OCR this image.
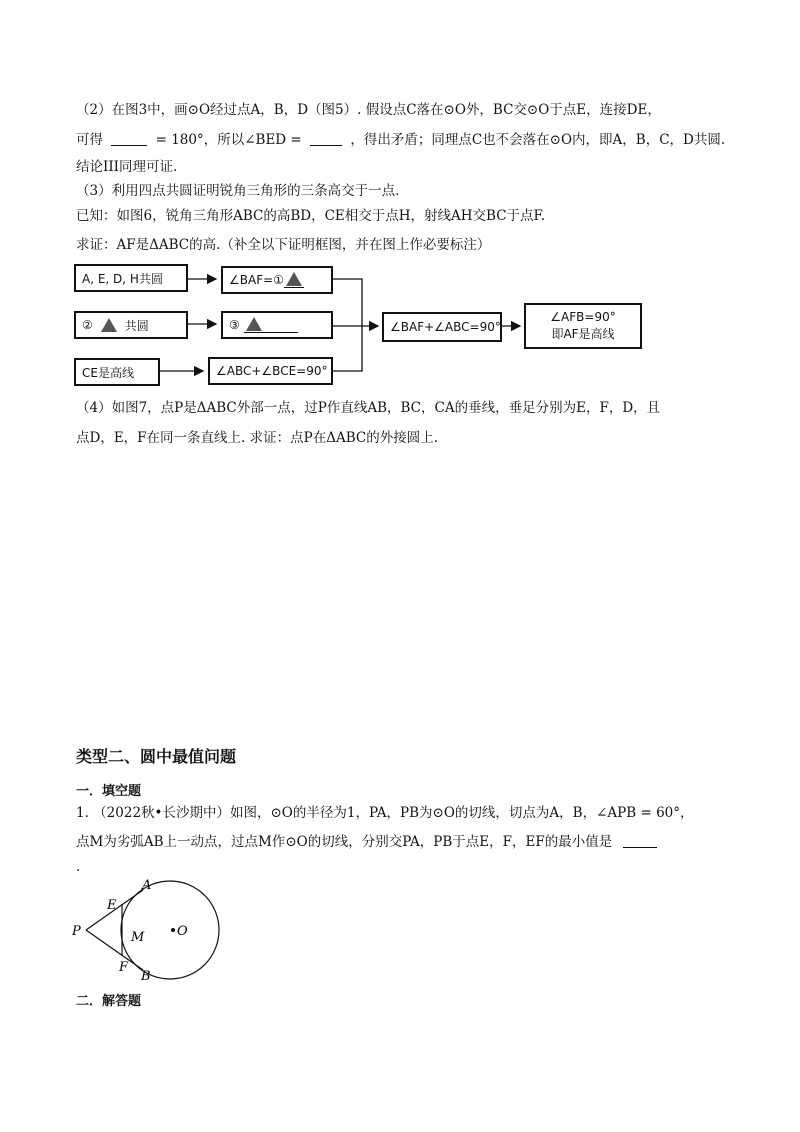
（2）在图3中，画⊙O经过点A，B，D（图5）. 假设点C落在⊙O外，BC交⊙O于点E，连接DE，
可得	= 180°，所以∠BED =	，得出矛盾；同理点C也不会落在⊙O内，即A，B，C，D共圆.
结论III同理可证.
（3）利用四点共圆证明锐角三角形的三条高交于一点.
已知：如图6，锐角三角形ABC的高BD，CE相交于点H，射线AH交BC于点F.
求证：AF是ΔABC的高.（补全以下证明框图，并在图上作必要标注）
A, E, D, H共圆	∠BAF=①
②	共圆	③	∠BAF+∠ABC=90°
∠AFB=90°
即AF是高线
CE是高线	∠ABC+∠BCE=90°
（4）如图7，点P是ΔABC外部一点，过P作直线AB，BC，CA的垂线，垂足分别为E，F，D，且
点D，E，F在同一条直线上. 求证：点P在ΔABC的外接圆上.
类型二、圆中最值问题
一．填空题
1. （2022秋•长沙期中）如图，⊙O的半径为1，PA，PB为⊙O的切线，切点为A，B，∠APB = 60°，
点M为劣弧AB上一动点，过点M作⊙O的切线，分别交PA，PB于点E，F，EF的最小值是
.
P
A
B
E
F
M	O
二．解答题
